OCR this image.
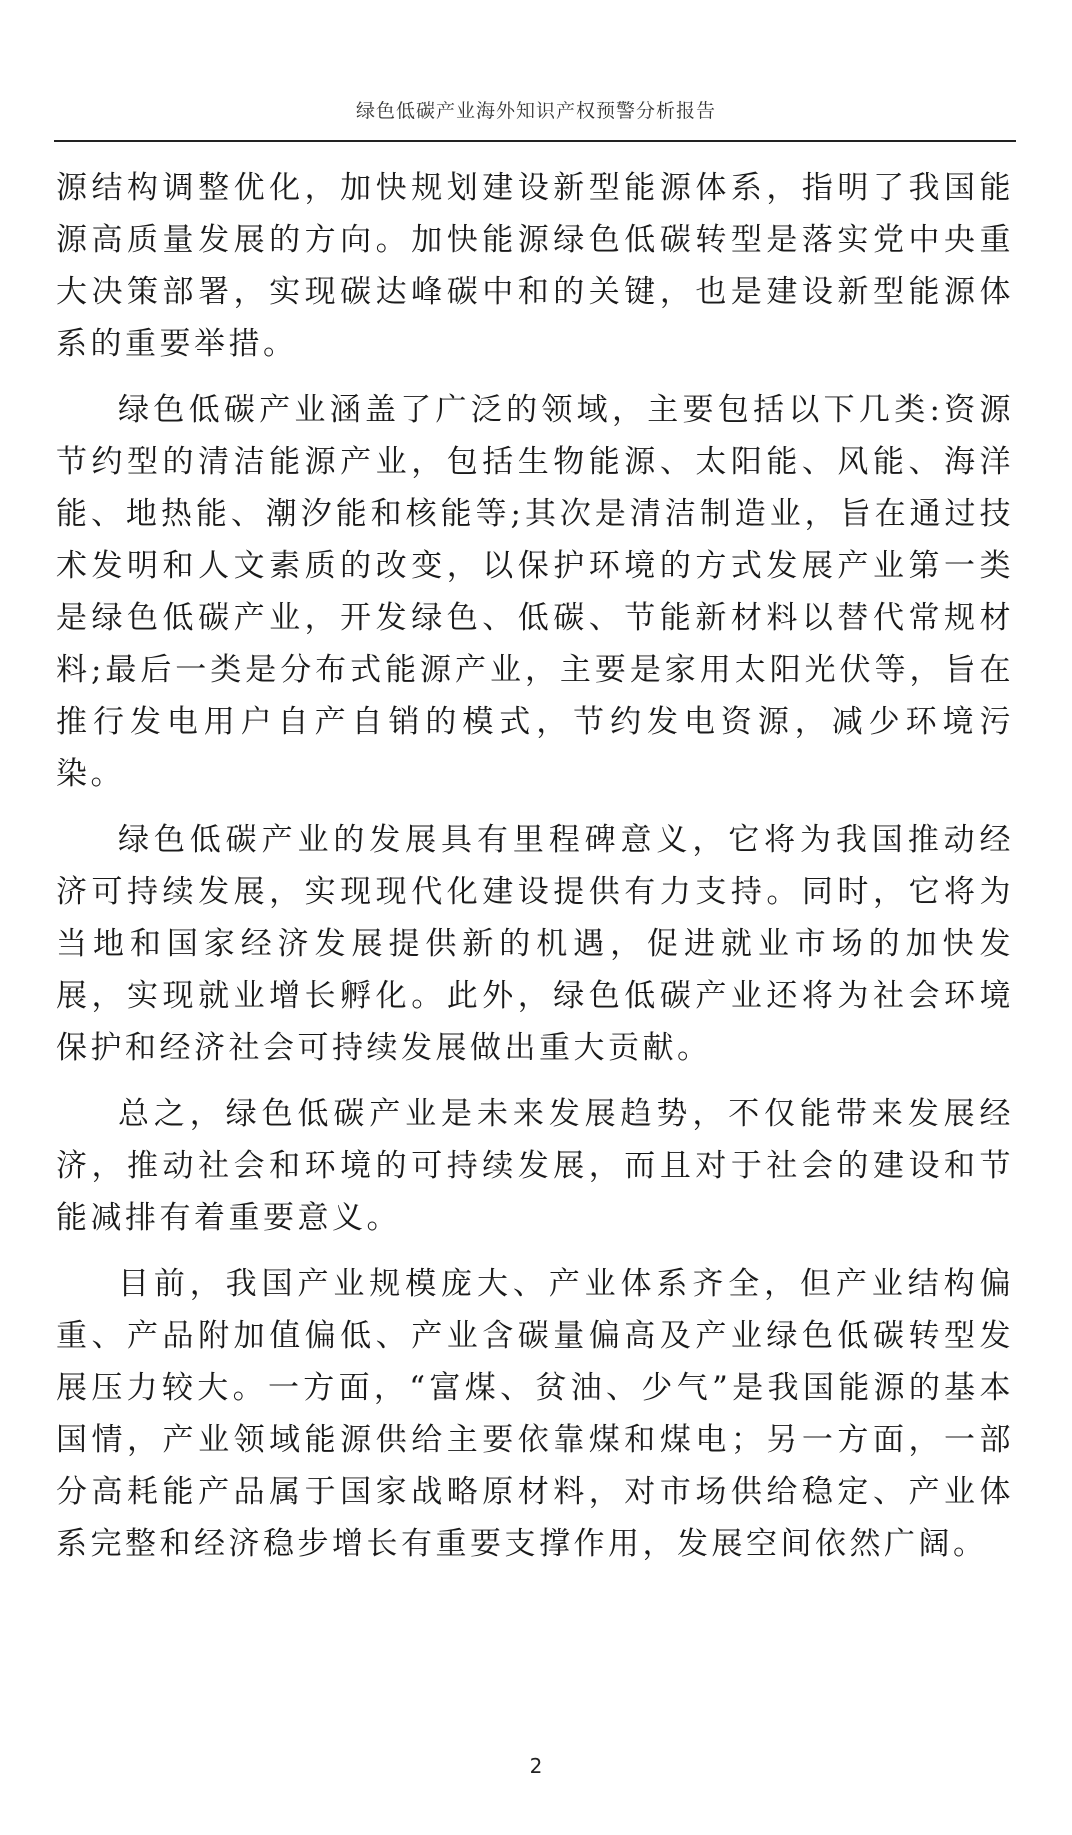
绿色低碳产业海外知识产权预警分析报告

源结构调整优化，加快规划建设新型能源体系，指明了我国能源高质量发展的方向。加快能源绿色低碳转型是落实党中央重大决策部署，实现碳达峰碳中和的关键，也是建设新型能源体系的重要举措。

绿色低碳产业涵盖了广泛的领域，主要包括以下几类:资源节约型的清洁能源产业，包括生物能源、太阳能、风能、海洋能、地热能、潮汐能和核能等;其次是清洁制造业，旨在通过技术发明和人文素质的改变，以保护环境的方式发展产业第一类是绿色低碳产业，开发绿色、低碳、节能新材料以替代常规材料;最后一类是分布式能源产业，主要是家用太阳光伏等，旨在推行发电用户自产自销的模式，节约发电资源，减少环境污染。

绿色低碳产业的发展具有里程碑意义，它将为我国推动经济可持续发展，实现现代化建设提供有力支持。同时，它将为当地和国家经济发展提供新的机遇，促进就业市场的加快发展，实现就业增长孵化。此外，绿色低碳产业还将为社会环境保护和经济社会可持续发展做出重大贡献。

总之，绿色低碳产业是未来发展趋势，不仅能带来发展经济，推动社会和环境的可持续发展，而且对于社会的建设和节能减排有着重要意义。

目前，我国产业规模庞大、产业体系齐全，但产业结构偏重、产品附加值偏低、产业含碳量偏高及产业绿色低碳转型发展压力较大。一方面，“富煤、贫油、少气”是我国能源的基本国情，产业领域能源供给主要依靠煤和煤电；另一方面，一部分高耗能产品属于国家战略原材料，对市场供给稳定、产业体系完整和经济稳步增长有重要支撑作用，发展空间依然广阔。

2
